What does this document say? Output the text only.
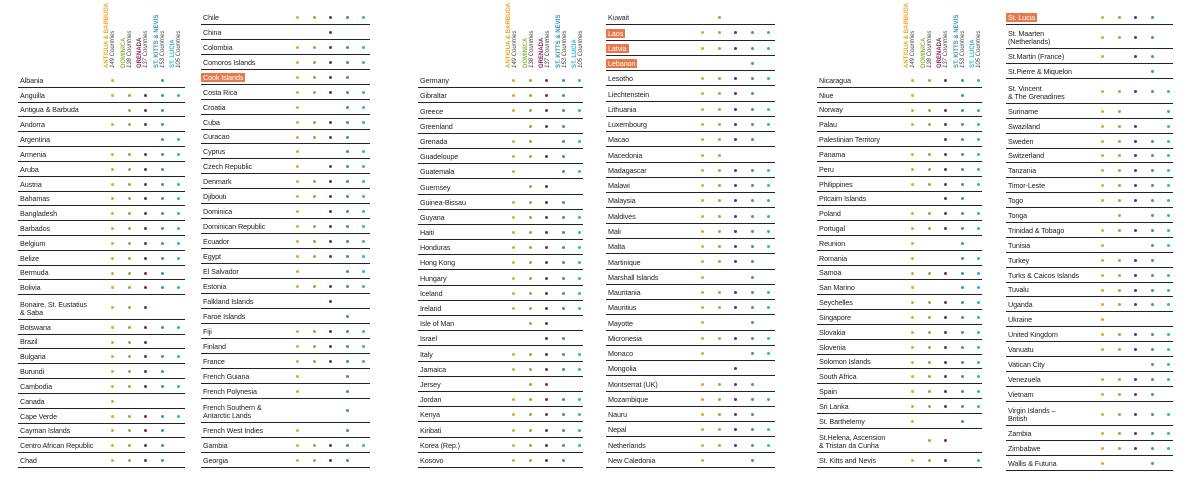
ANTIGUA & BARBUDA
149 Countries DOMINICA
138 Countries GRENADA
137 Countries ST. KITTS & NEVIS
153 Countries ST. LUCIA
105 Countries	ANTIGUA & BARBUDA
149 Countries DOMINICA
138 Countries GRENADA
137 Countries ST. KITTS & NEVIS
153 Countries ST. LUCIA
105 Countries	ANTIGUA & BARBUDA
149 Countries DOMINICA
138 Countries GRENADA
137 Countries ST. KITTS & NEVIS
153 Countries ST. LUCIA
105 Countries
Albania
Anguilla
Antigua & Barbuda
Andorra
Argentina
Armenia
Aruba
Austria
Bahamas
Bangladesh
Barbados
Belgium
Belize
Bermuda
Bolivia
Bonaire, St. Eustatius
& Saba
Botswana
Brazil
Bulgaria
Burundi
Cambodia
Canada
Cape Verde
Cayman Islands
Centro African Republic
Chad
Chile
China
Colombia
Comoros Islands
Cook Islands
Costa Rica
Croatia
Cuba
Curacao
Cyprus
Czech Republic
Denmark
Djibouti
Dominica
Dominican Republic
Ecuador
Egypt
El Salvador
Estonia
Falkland Islands
Faroe Islands
Fiji
Finland
France
French Guiana
French Polynesia
French Southern &
Antarctic Lands
French West Indies
Gambia
Georgia
Germany
Gibraltar
Greece
Greenland
Grenada
Guadeloupe
Guatemala
Guernsey
Guinea-Bissau
Guyana
Haiti
Honduras
Hong Kong
Hungary
Iceland
Ireland
Isle of Man
Israel
Italy
Jamaica
Jersey
Jordan
Kenya
Kiribati
Korea (Rep.)
Kosovo
Kuwait
Laos
Latvia
Lebanon
Lesotho
Liechtenstein
Lithuania
Luxembourg
Macao
Macedonia
Madagascar
Malawi
Malaysia
Maldives
Mali
Malta
Martinique
Marshall Islands
Mauritania
Mauritius
Mayotte
Micronesia
Monaco
Mongolia
Montserrat (UK)
Mozambique
Nauru
Nepal
Netherlands
New Caledonia
Nicaragua
Niue
Norway
Palau
Palestinian Territory
Panama
Peru
Philippines
Pitcairn Islands
Poland
Portugal
Reunion
Romania
Samoa
San Marino
Seychelles
Singapore
Slovakia
Slovenia
Solomon Islands
South Africa
Spain
Sri Lanka
St. Barthelemy
St.Helena, Ascension
& Tristan da Cunha
St. Kitts and Nevis
St. Lucia
St. Maarten
(Netherlands)
St.Martin (France)
St.Pierre & Miquelon
St. Vincent
& The Grenadines
Suriname
Swaziland
Sweden
Switzerland
Tanzania
Timor-Leste
Togo
Tonga
Trinidad & Tobago
Tunisia
Turkey
Turks & Caicos Islands
Tuvalu
Uganda
Ukraine
United Kingdom
Vanuatu
Vatican City
Venezuela
Vietnam
Virgin Islands –
British
Zambia
Zimbabwe
Wallis & Futuna
